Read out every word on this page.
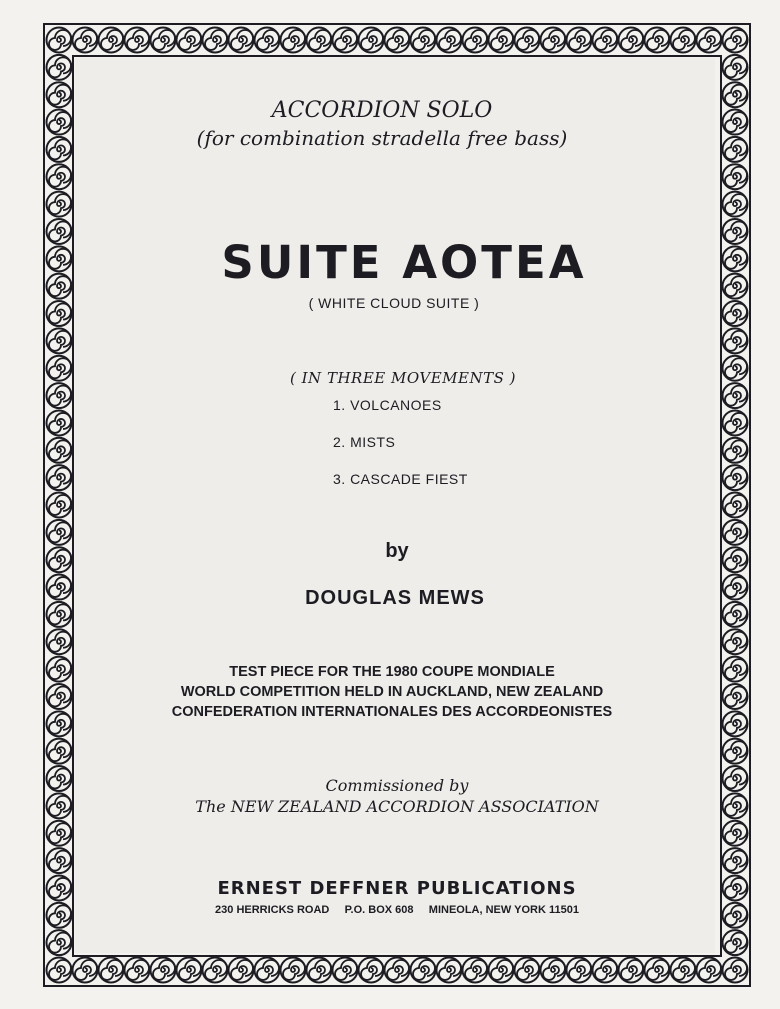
ACCORDION SOLO
(for combination stradella free bass)
SUITE AOTEA
( WHITE CLOUD SUITE )
( IN THREE MOVEMENTS )
1. VOLCANOES
2. MISTS
3. CASCADE FIEST
by
DOUGLAS MEWS
TEST PIECE FOR THE 1980 COUPE MONDIALE
WORLD COMPETITION HELD IN AUCKLAND, NEW ZEALAND
CONFEDERATION INTERNATIONALES DES ACCORDEONISTES
Commissioned by
The NEW ZEALAND ACCORDION ASSOCIATION
ERNEST DEFFNER PUBLICATIONS
230 HERRICKS ROAD     P.O. BOX 608     MINEOLA, NEW YORK 11501
